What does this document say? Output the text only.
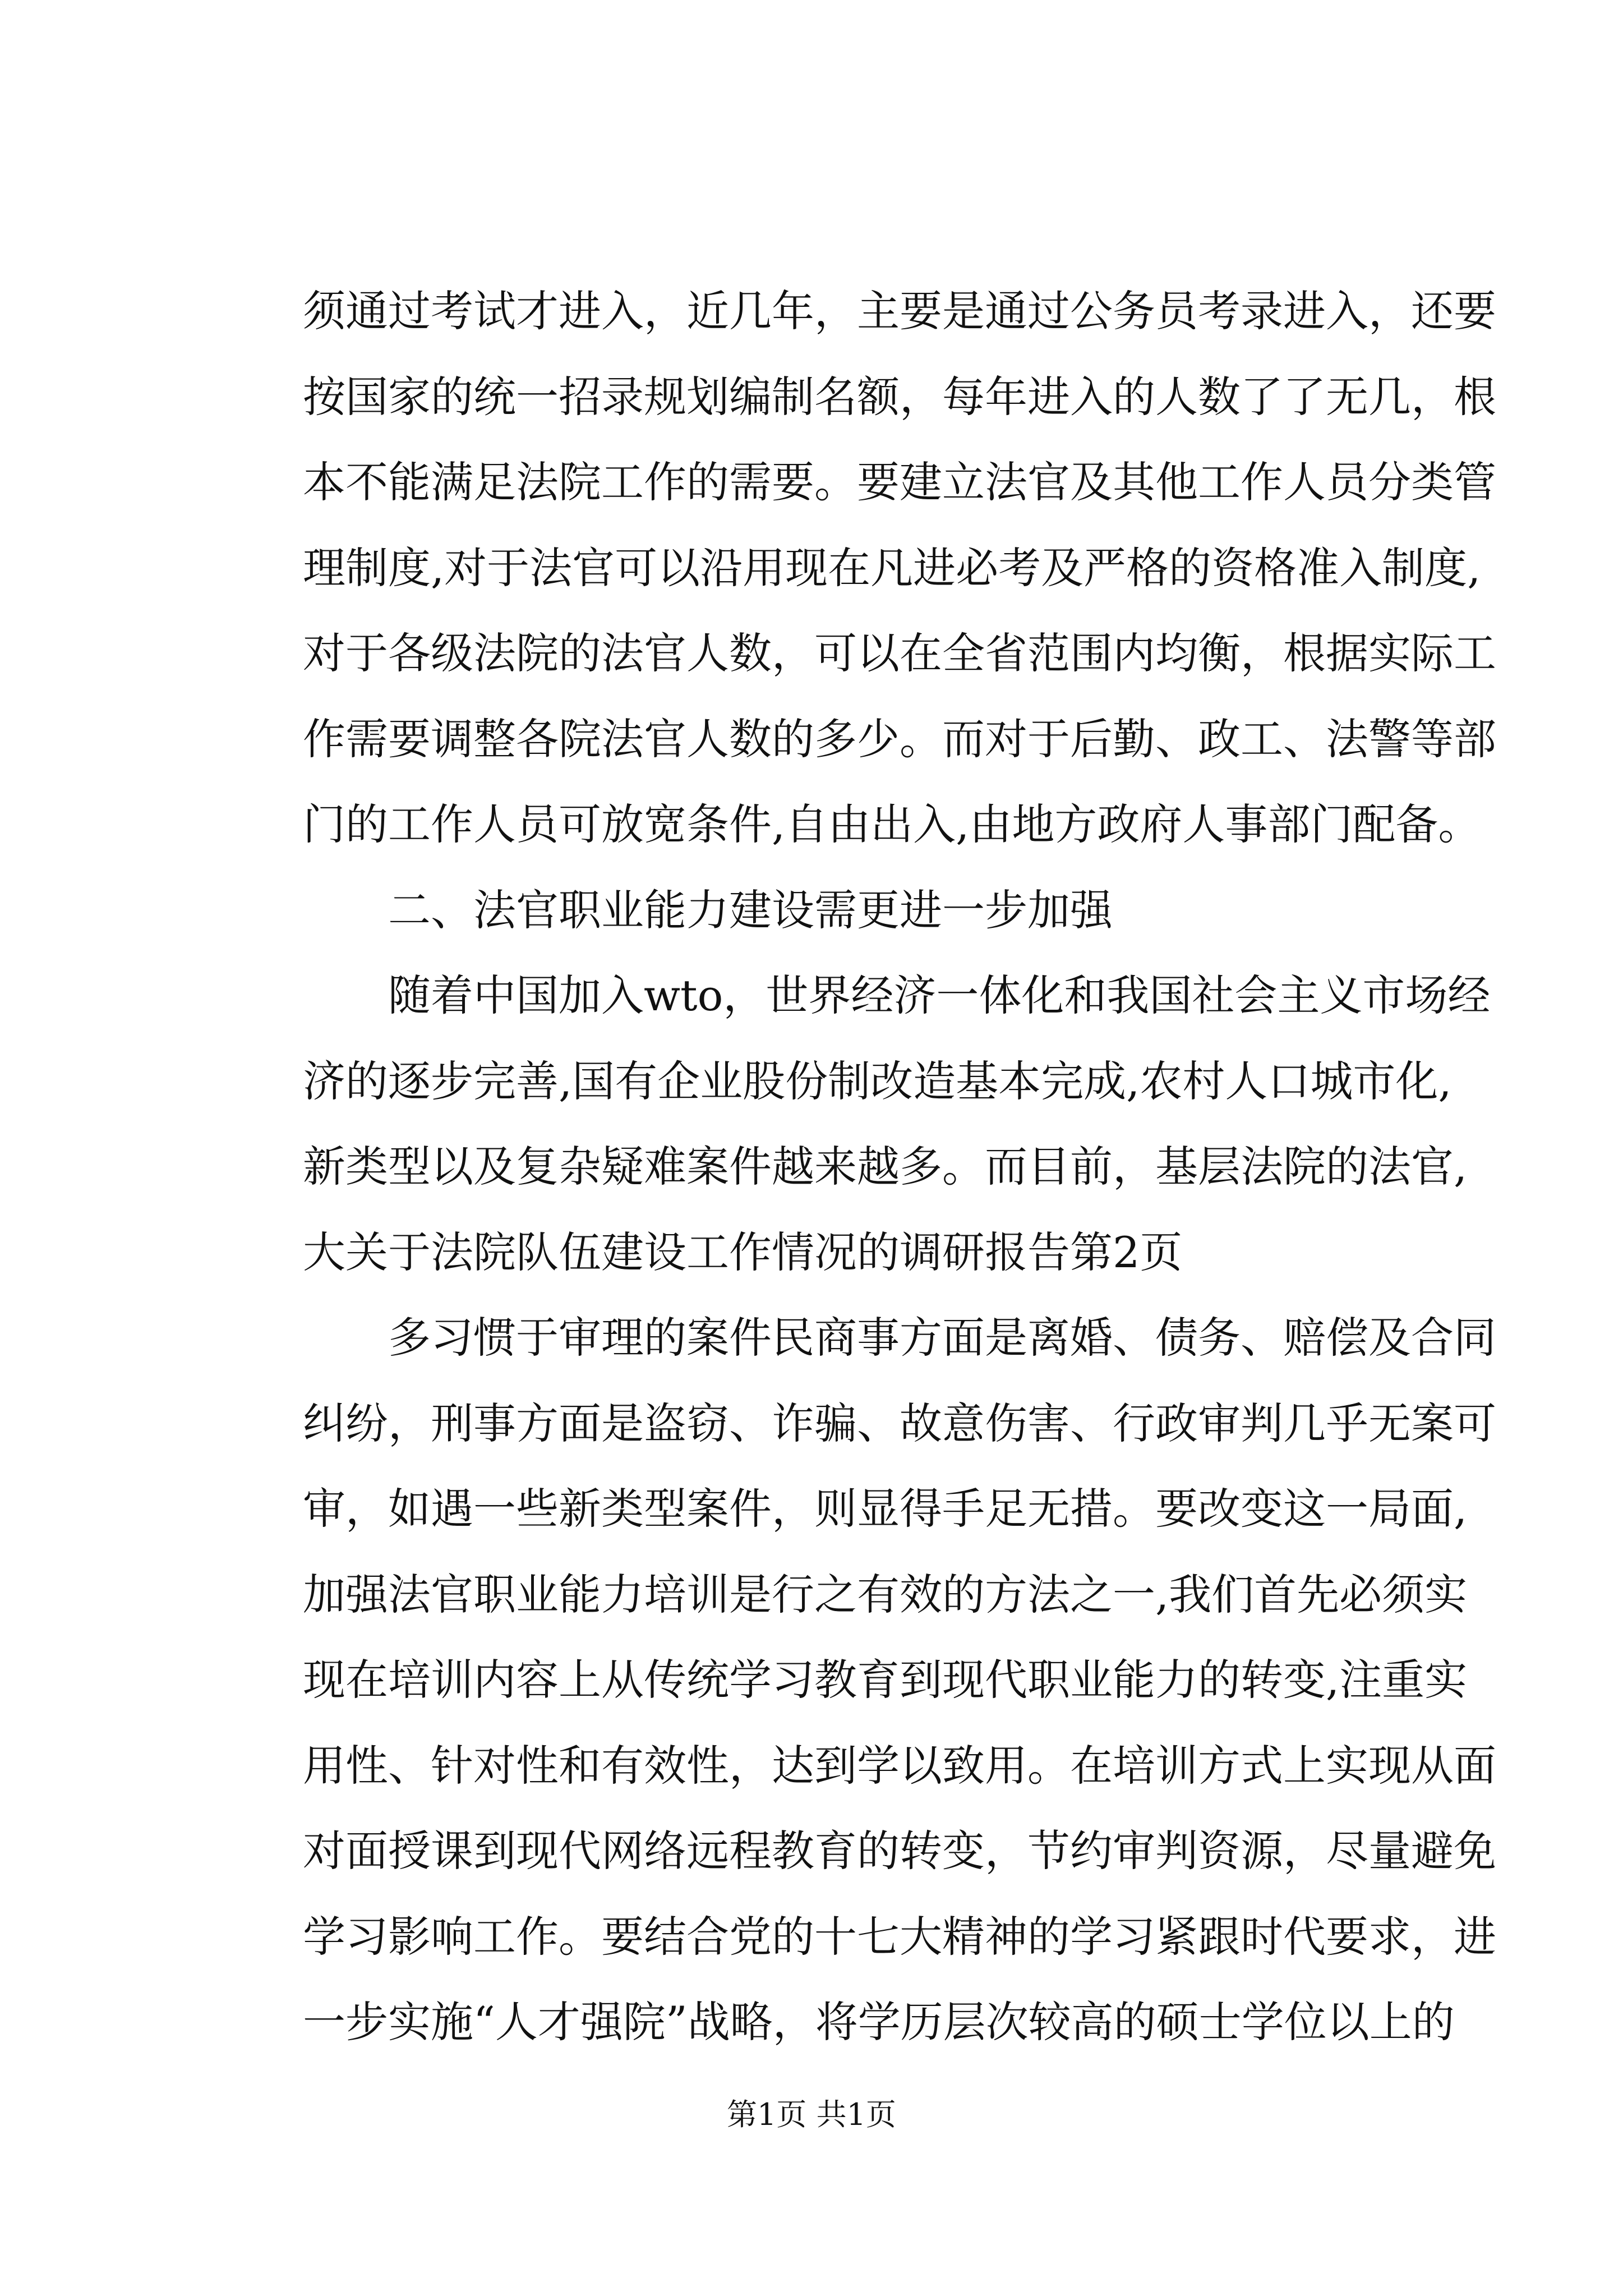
须通过考试才进入，近几年，主要是通过公务员考录进入，还要
按国家的统一招录规划编制名额，每年进入的人数了了无几，根
本不能满足法院工作的需要。要建立法官及其他工作人员分类管
理制度,对于法官可以沿用现在凡进必考及严格的资格准入制度,
对于各级法院的法官人数，可以在全省范围内均衡，根据实际工
作需要调整各院法官人数的多少。而对于后勤、政工、法警等部
门的工作人员可放宽条件,自由出入,由地方政府人事部门配备。
　　二、法官职业能力建设需更进一步加强
　　随着中国加入wto，世界经济一体化和我国社会主义市场经
济的逐步完善,国有企业股份制改造基本完成,农村人口城市化,
新类型以及复杂疑难案件越来越多。而目前，基层法院的法官,
大关于法院队伍建设工作情况的调研报告第2页
　　多习惯于审理的案件民商事方面是离婚、债务、赔偿及合同
纠纷，刑事方面是盗窃、诈骗、故意伤害、行政审判几乎无案可
审，如遇一些新类型案件，则显得手足无措。要改变这一局面,
加强法官职业能力培训是行之有效的方法之一,我们首先必须实
现在培训内容上从传统学习教育到现代职业能力的转变,注重实
用性、针对性和有效性，达到学以致用。在培训方式上实现从面
对面授课到现代网络远程教育的转变，节约审判资源，尽量避免
学习影响工作。要结合党的十七大精神的学习紧跟时代要求，进
一步实施“人才强院”战略，将学历层次较高的硕士学位以上的
第1页 共1页
